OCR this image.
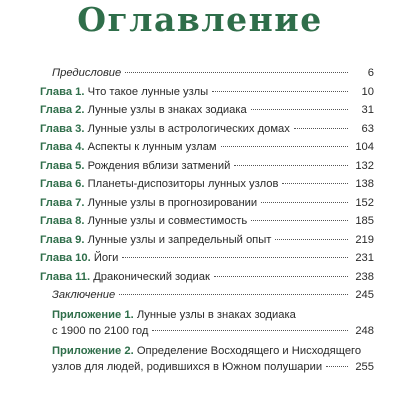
Оглавление
Предисловие	6
Глава 1. Что такое лунные узлы	10
Глава 2. Лунные узлы в знаках зодиака	31
Глава 3. Лунные узлы в астрологических домах	63
Глава 4. Аспекты к лунным узлам	104
Глава 5. Рождения вблизи затмений	132
Глава 6. Планеты-диспозиторы лунных узлов	138
Глава 7. Лунные узлы в прогнозировании	152
Глава 8. Лунные узлы и совместимость	185
Глава 9. Лунные узлы и запредельный опыт	219
Глава 10. Йоги	231
Глава 11. Драконический зодиак	238
Заключение	245
Приложение 1. Лунные узлы в знаках зодиака
с 1900 по 2100 год	248
Приложение 2. Определение Восходящего и Нисходящего
узлов для людей, родившихся в Южном полушарии	255
